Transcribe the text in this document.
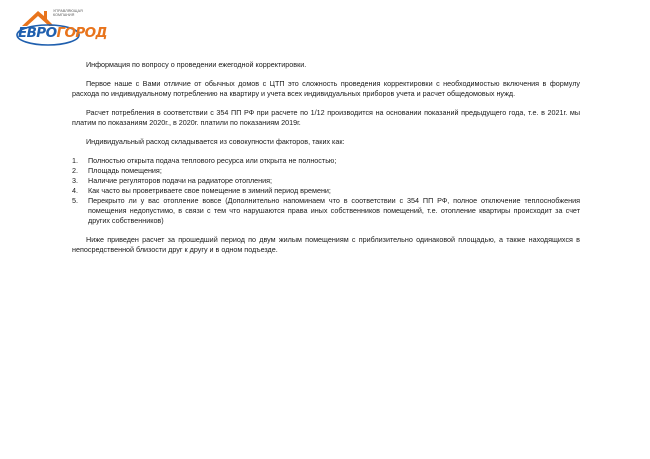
УПРАВЛЯЮЩАЯ КОМПАНИЯ
ЕВРОГОРОД

Информация по вопросу о проведении ежегодной корректировки.

Первое наше с Вами отличие от обычных домов с ЦТП это сложность проведения корректировки с необходимостью включения в формулу расхода по индивидуальному потреблению на квартиру и учета всех индивидуальных приборов учета и расчет общедомовых нужд.

Расчет потребления в соответствии с 354 ПП РФ при расчете по 1/12 производится на основании показаний предыдущего года, т.е. в 2021г. мы платим по показаниям 2020г., в 2020г. платили по показаниям 2019г.

Индивидуальный расход складывается из совокупности факторов, таких как:

1. Полностью открыта подача теплового ресурса или открыта не полностью;
2. Площадь помещения;
3. Наличие регуляторов подачи на радиаторе отопления;
4. Как часто вы проветриваете свое помещение в зимний период времени;
5. Перекрыто ли у вас отопление вовсе (Дополнительно напоминаем что в соответствии с 354 ПП РФ, полное отключение теплоснобжения помещения недопустимо, в связи с тем что нарушаются права иных собственников помещений, т.е. отопление квартиры происходит за счет других собственников)

Ниже приведен расчет за прошедший период по двум жилым помещениям с приблизительно одинаковой площадью, а также находящихся в непосредственной близости друг к другу и в одном подъезде.
